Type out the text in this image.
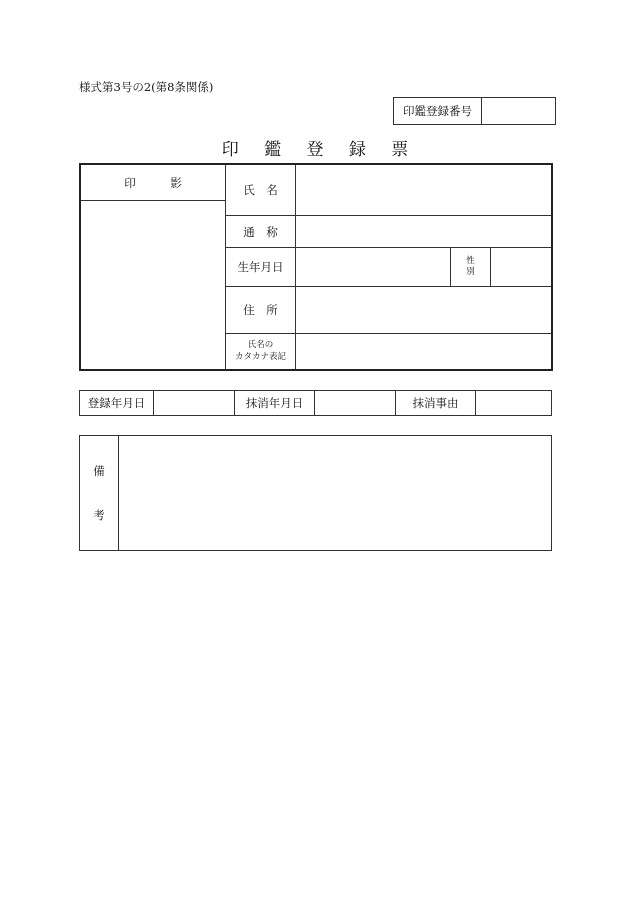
様式第3号の2(第8条関係)
印鑑登録番号
印 鑑 登 録 票
印　　　影
氏　名
通　称
生年月日	性
別
住　所
氏名の
カタカナ表記
登録年月日	抹消年月日	抹消事由
備
考
